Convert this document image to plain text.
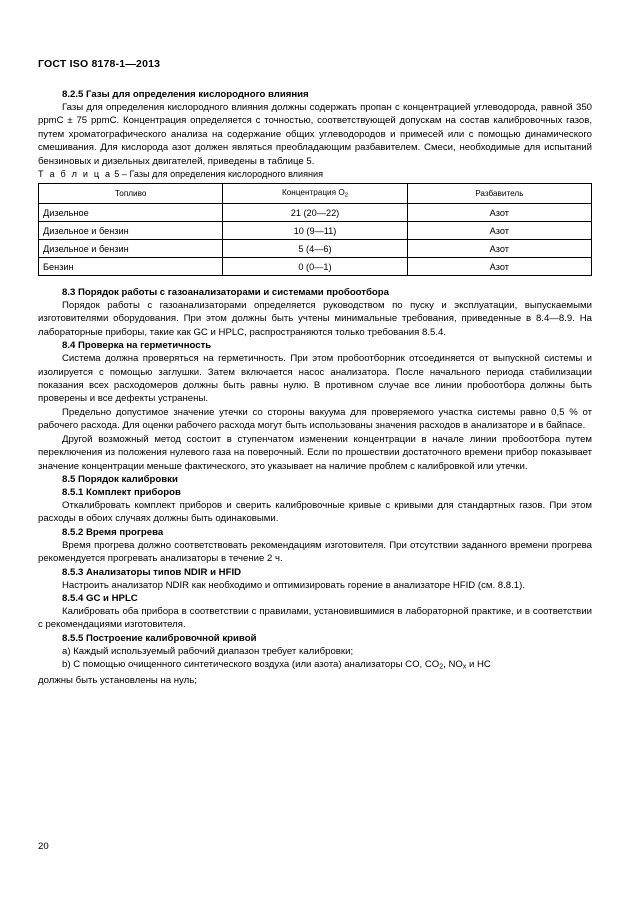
ГОСТ ISO 8178-1—2013
8.2.5 Газы для определения кислородного влияния

Газы для определения кислородного влияния должны содержать пропан с концентрацией углеводорода, равной 350 ppmC ± 75 ppmC. Концентрация определяется с точностью, соответствующей допускам на состав калибровочных газов, путем хроматографического анализа на содержание общих углеводородов и примесей или с помощью динамического смешивания. Для кислорода азот должен являться преобладающим разбавителем. Смеси, необходимые для испытаний бензиновых и дизельных двигателей, приведены в таблице 5.

Т а б л и ц а 5 – Газы для определения кислородного влияния

Топливо	Концентрация $O_2$	Разбавитель
Дизельное	21 (20—22)	Азот
Дизельное и бензин	10 (9—11)	Азот
Дизельное и бензин	5 (4—6)	Азот
Бензин	0 (0—1)	Азот
8.3 Порядок работы с газоанализаторами и системами пробоотбора

Порядок работы с газоанализаторами определяется руководством по пуску и эксплуатации, выпускаемыми изготовителями оборудования. При этом должны быть учтены минимальные требования, приведенные в 8.4—8.9. На лабораторные приборы, такие как GC и HPLC, распространяются только требования 8.5.4.

8.4 Проверка на герметичность

Система должна проверяться на герметичность. При этом пробоотборник отсоединяется от выпускной системы и изолируется с помощью заглушки. Затем включается насос анализатора. После начального периода стабилизации показания всех расходомеров должны быть равны нулю. В противном случае все линии пробоотбора должны быть проверены и все дефекты устранены.

Предельно допустимое значение утечки со стороны вакуума для проверяемого участка системы равно 0,5 % от рабочего расхода. Для оценки рабочего расхода могут быть использованы значения расходов в анализаторе и в байпасе.

Другой возможный метод состоит в ступенчатом изменении концентрации в начале линии пробоотбора путем переключения из положения нулевого газа на поверочный. Если по прошествии достаточного времени прибор показывает значение концентрации меньше фактического, это указывает на наличие проблем с калибровкой или утечки.

8.5 Порядок калибровки
8.5.1 Комплект приборов

Откалибровать комплект приборов и сверить калибровочные кривые с кривыми для стандартных газов. При этом расходы в обоих случаях должны быть одинаковыми.

8.5.2 Время прогрева

Время прогрева должно соответствовать рекомендациям изготовителя. При отсутствии заданного времени прогрева рекомендуется прогревать анализаторы в течение 2 ч.

8.5.3 Анализаторы типов NDIR и HFID

Настроить анализатор NDIR как необходимо и оптимизировать горение в анализаторе HFID (см. 8.8.1).

8.5.4 GC и HPLC

Калибровать оба прибора в соответствии с правилами, установившимися в лабораторной практике, и в соответствии с рекомендациями изготовителя.

8.5.5 Построение калибровочной кривой

а) Каждый используемый рабочий диапазон требует калибровки;

b) С помощью очищенного синтетического воздуха (или азота) анализаторы CO, $CO_2$, $NO_x$ и HC

должны быть установлены на нуль;

20
